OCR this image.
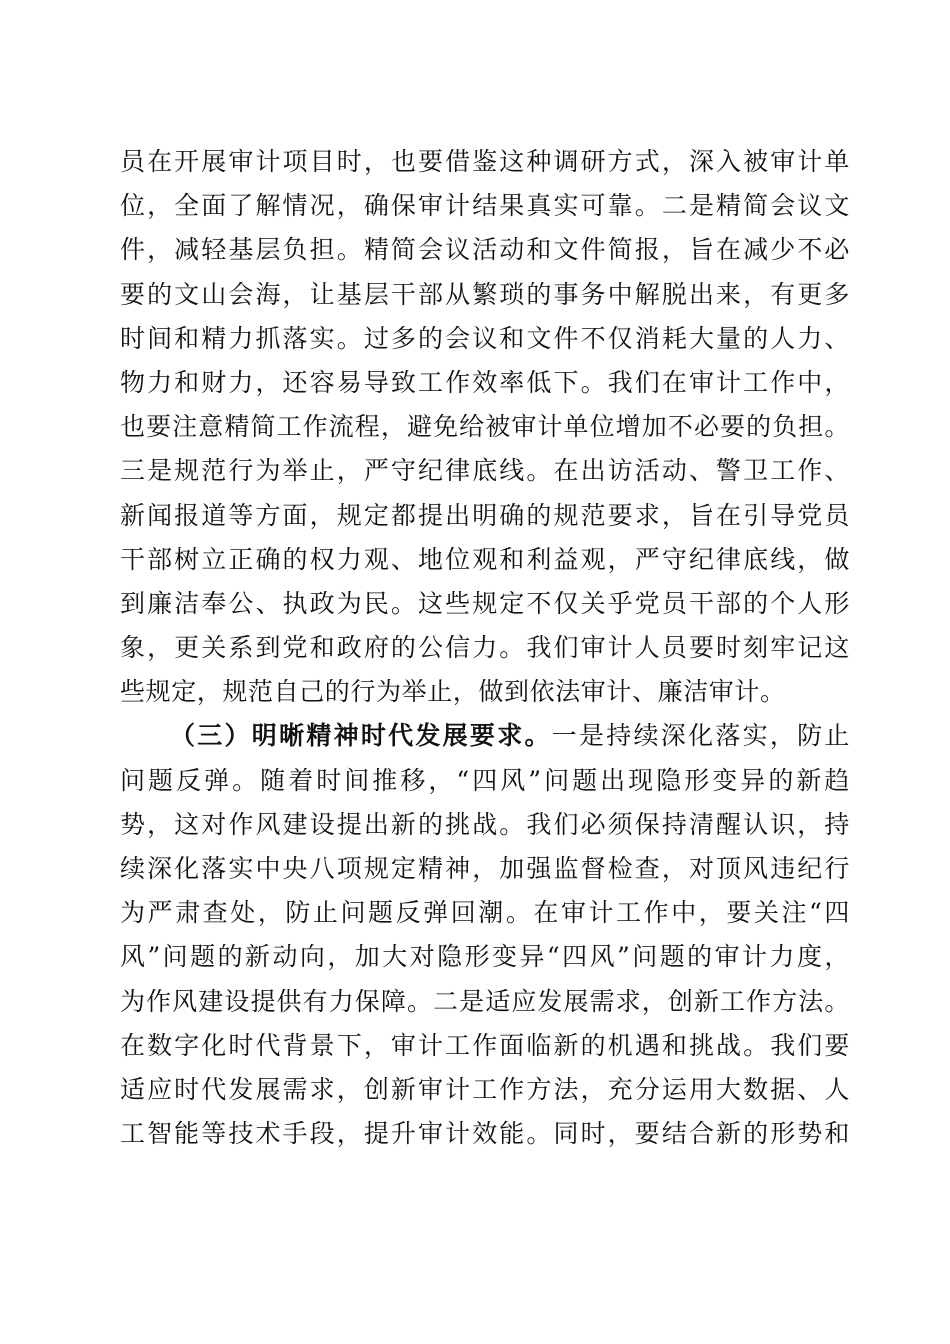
员在开展审计项目时，也要借鉴这种调研方式，深入被审计单
位，全面了解情况，确保审计结果真实可靠。二是精简会议文
件，减轻基层负担。精简会议活动和文件简报，旨在减少不必
要的文山会海，让基层干部从繁琐的事务中解脱出来，有更多
时间和精力抓落实。过多的会议和文件不仅消耗大量的人力、
物力和财力，还容易导致工作效率低下。我们在审计工作中，
也要注意精简工作流程，避免给被审计单位增加不必要的负担。
三是规范行为举止，严守纪律底线。在出访活动、警卫工作、
新闻报道等方面，规定都提出明确的规范要求，旨在引导党员
干部树立正确的权力观、地位观和利益观，严守纪律底线，做
到廉洁奉公、执政为民。这些规定不仅关乎党员干部的个人形
象，更关系到党和政府的公信力。我们审计人员要时刻牢记这
些规定，规范自己的行为举止，做到依法审计、廉洁审计。
（三）明晰精神时代发展要求。一是持续深化落实，防止
问题反弹。随着时间推移，“四风”问题出现隐形变异的新趋
势，这对作风建设提出新的挑战。我们必须保持清醒认识，持
续深化落实中央八项规定精神，加强监督检查，对顶风违纪行
为严肃查处，防止问题反弹回潮。在审计工作中，要关注“四
风”问题的新动向，加大对隐形变异“四风”问题的审计力度，
为作风建设提供有力保障。二是适应发展需求，创新工作方法。
在数字化时代背景下，审计工作面临新的机遇和挑战。我们要
适应时代发展需求，创新审计工作方法，充分运用大数据、人
工智能等技术手段，提升审计效能。同时，要结合新的形势和
